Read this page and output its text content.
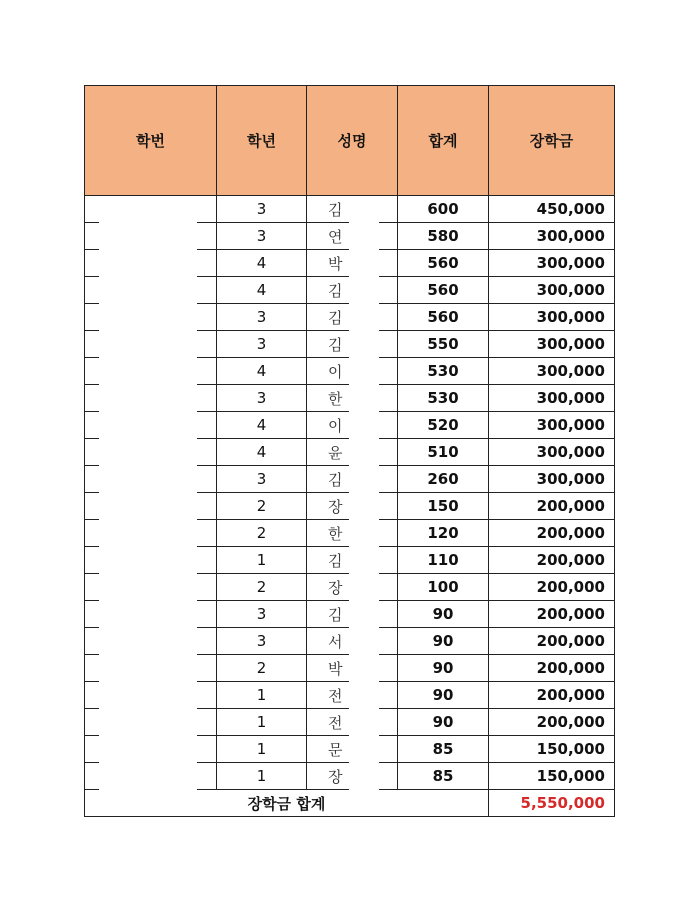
학번	학년	성명	합계	장학금
	3	김	600	450,000
	3	연	580	300,000
	4	박	560	300,000
	4	김	560	300,000
	3	김	560	300,000
	3	김	550	300,000
	4	이	530	300,000
	3	한	530	300,000
	4	이	520	300,000
	4	윤	510	300,000
	3	김	260	300,000
	2	장	150	200,000
	2	한	120	200,000
	1	김	110	200,000
	2	장	100	200,000
	3	김	90	200,000
	3	서	90	200,000
	2	박	90	200,000
	1	전	90	200,000
	1	전	90	200,000
	1	문	85	150,000
	1	장	85	150,000
장학금 합계				5,550,000
